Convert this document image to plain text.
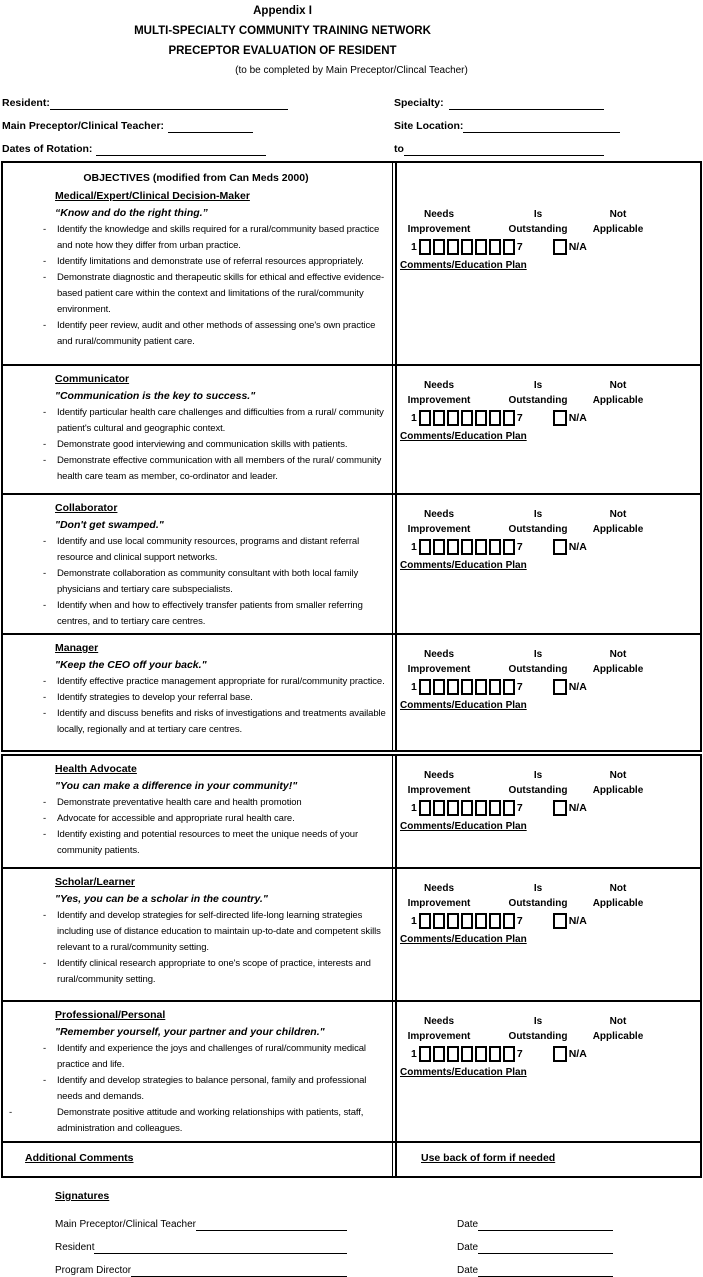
Appendix I
MULTI-SPECIALTY COMMUNITY TRAINING NETWORK
PRECEPTOR EVALUATION OF RESIDENT
(to be completed by Main Preceptor/Clincal Teacher)
Resident:	Specialty:
Main Preceptor/Clinical Teacher:	Site Location:
Dates of Rotation:	to
OBJECTIVES (modified from Can Meds 2000)
Medical/Expert/Clinical Decision-Maker
“Know and do the right thing.”
-	Identify the knowledge and skills required for a rural/community based practice and note how they differ from urban practice.
-	Identify limitations and demonstrate use of referral resources appropriately.
-	Demonstrate diagnostic and therapeutic skills for ethical and effective evidence-based patient care within the context and limitations of the rural/community environment.
-	Identify peer review, audit and other methods of assessing one's own practice and rural/community patient care.
Needs
Improvement
Is
Outstanding
Not
Applicable
1	7	N/A
Comments/Education Plan
Communicator
"Communication is the key to success."
-	Identify particular health care challenges and difficulties from a rural/ community patient's cultural and geographic context.
-	Demonstrate good interviewing and communication skills with patients.
-	Demonstrate effective communication with all members of the rural/ community health care team as member, co-ordinator and leader.
Needs
Improvement
Is
Outstanding
Not
Applicable
1	7	N/A
Comments/Education Plan
Collaborator
"Don't get swamped."
-	Identify and use local community resources, programs and distant referral resource and clinical support networks.
-	Demonstrate collaboration as community consultant with both local family physicians and tertiary care subspecialists.
-	Identify when and how to effectively transfer patients from smaller referring centres, and to tertiary care centres.
Needs
Improvement
Is
Outstanding
Not
Applicable
1	7	N/A
Comments/Education Plan
Manager
"Keep the CEO off your back."
-	Identify effective practice management appropriate for rural/community practice.
-	Identify strategies to develop your referral base.
-	Identify and discuss benefits and risks of investigations and treatments available locally, regionally and at tertiary care centres.
Needs
Improvement
Is
Outstanding
Not
Applicable
1	7	N/A
Comments/Education Plan
Health Advocate
"You can make a difference in your community!"
-	Demonstrate preventative health care and health promotion
-	Advocate for accessible and appropriate rural health care.
-	Identify existing and potential resources to meet the unique needs of your community patients.
Needs
Improvement
Is
Outstanding
Not
Applicable
1	7	N/A
Comments/Education Plan
Scholar/Learner
"Yes, you can be a scholar in the country."
-	Identify and develop strategies for self-directed life-long learning strategies including use of distance education to maintain up-to-date and competent skills relevant to a rural/community setting.
-	Identify clinical research appropriate to one's scope of practice, interests and rural/community setting.
Needs
Improvement
Is
Outstanding
Not
Applicable
1	7	N/A
Comments/Education Plan
Professional/Personal
"Remember yourself, your partner and your children."
-	Identify and experience the joys and challenges of rural/community medical practice and life.
-	Identify and develop strategies to balance personal, family and professional needs and demands.
-	Demonstrate positive attitude and working relationships with patients, staff, administration and colleagues.
Needs
Improvement
Is
Outstanding
Not
Applicable
1	7	N/A
Comments/Education Plan
Additional Comments	Use back of form if needed
Signatures
Main Preceptor/Clinical Teacher	Date
Resident	Date
Program Director	Date
